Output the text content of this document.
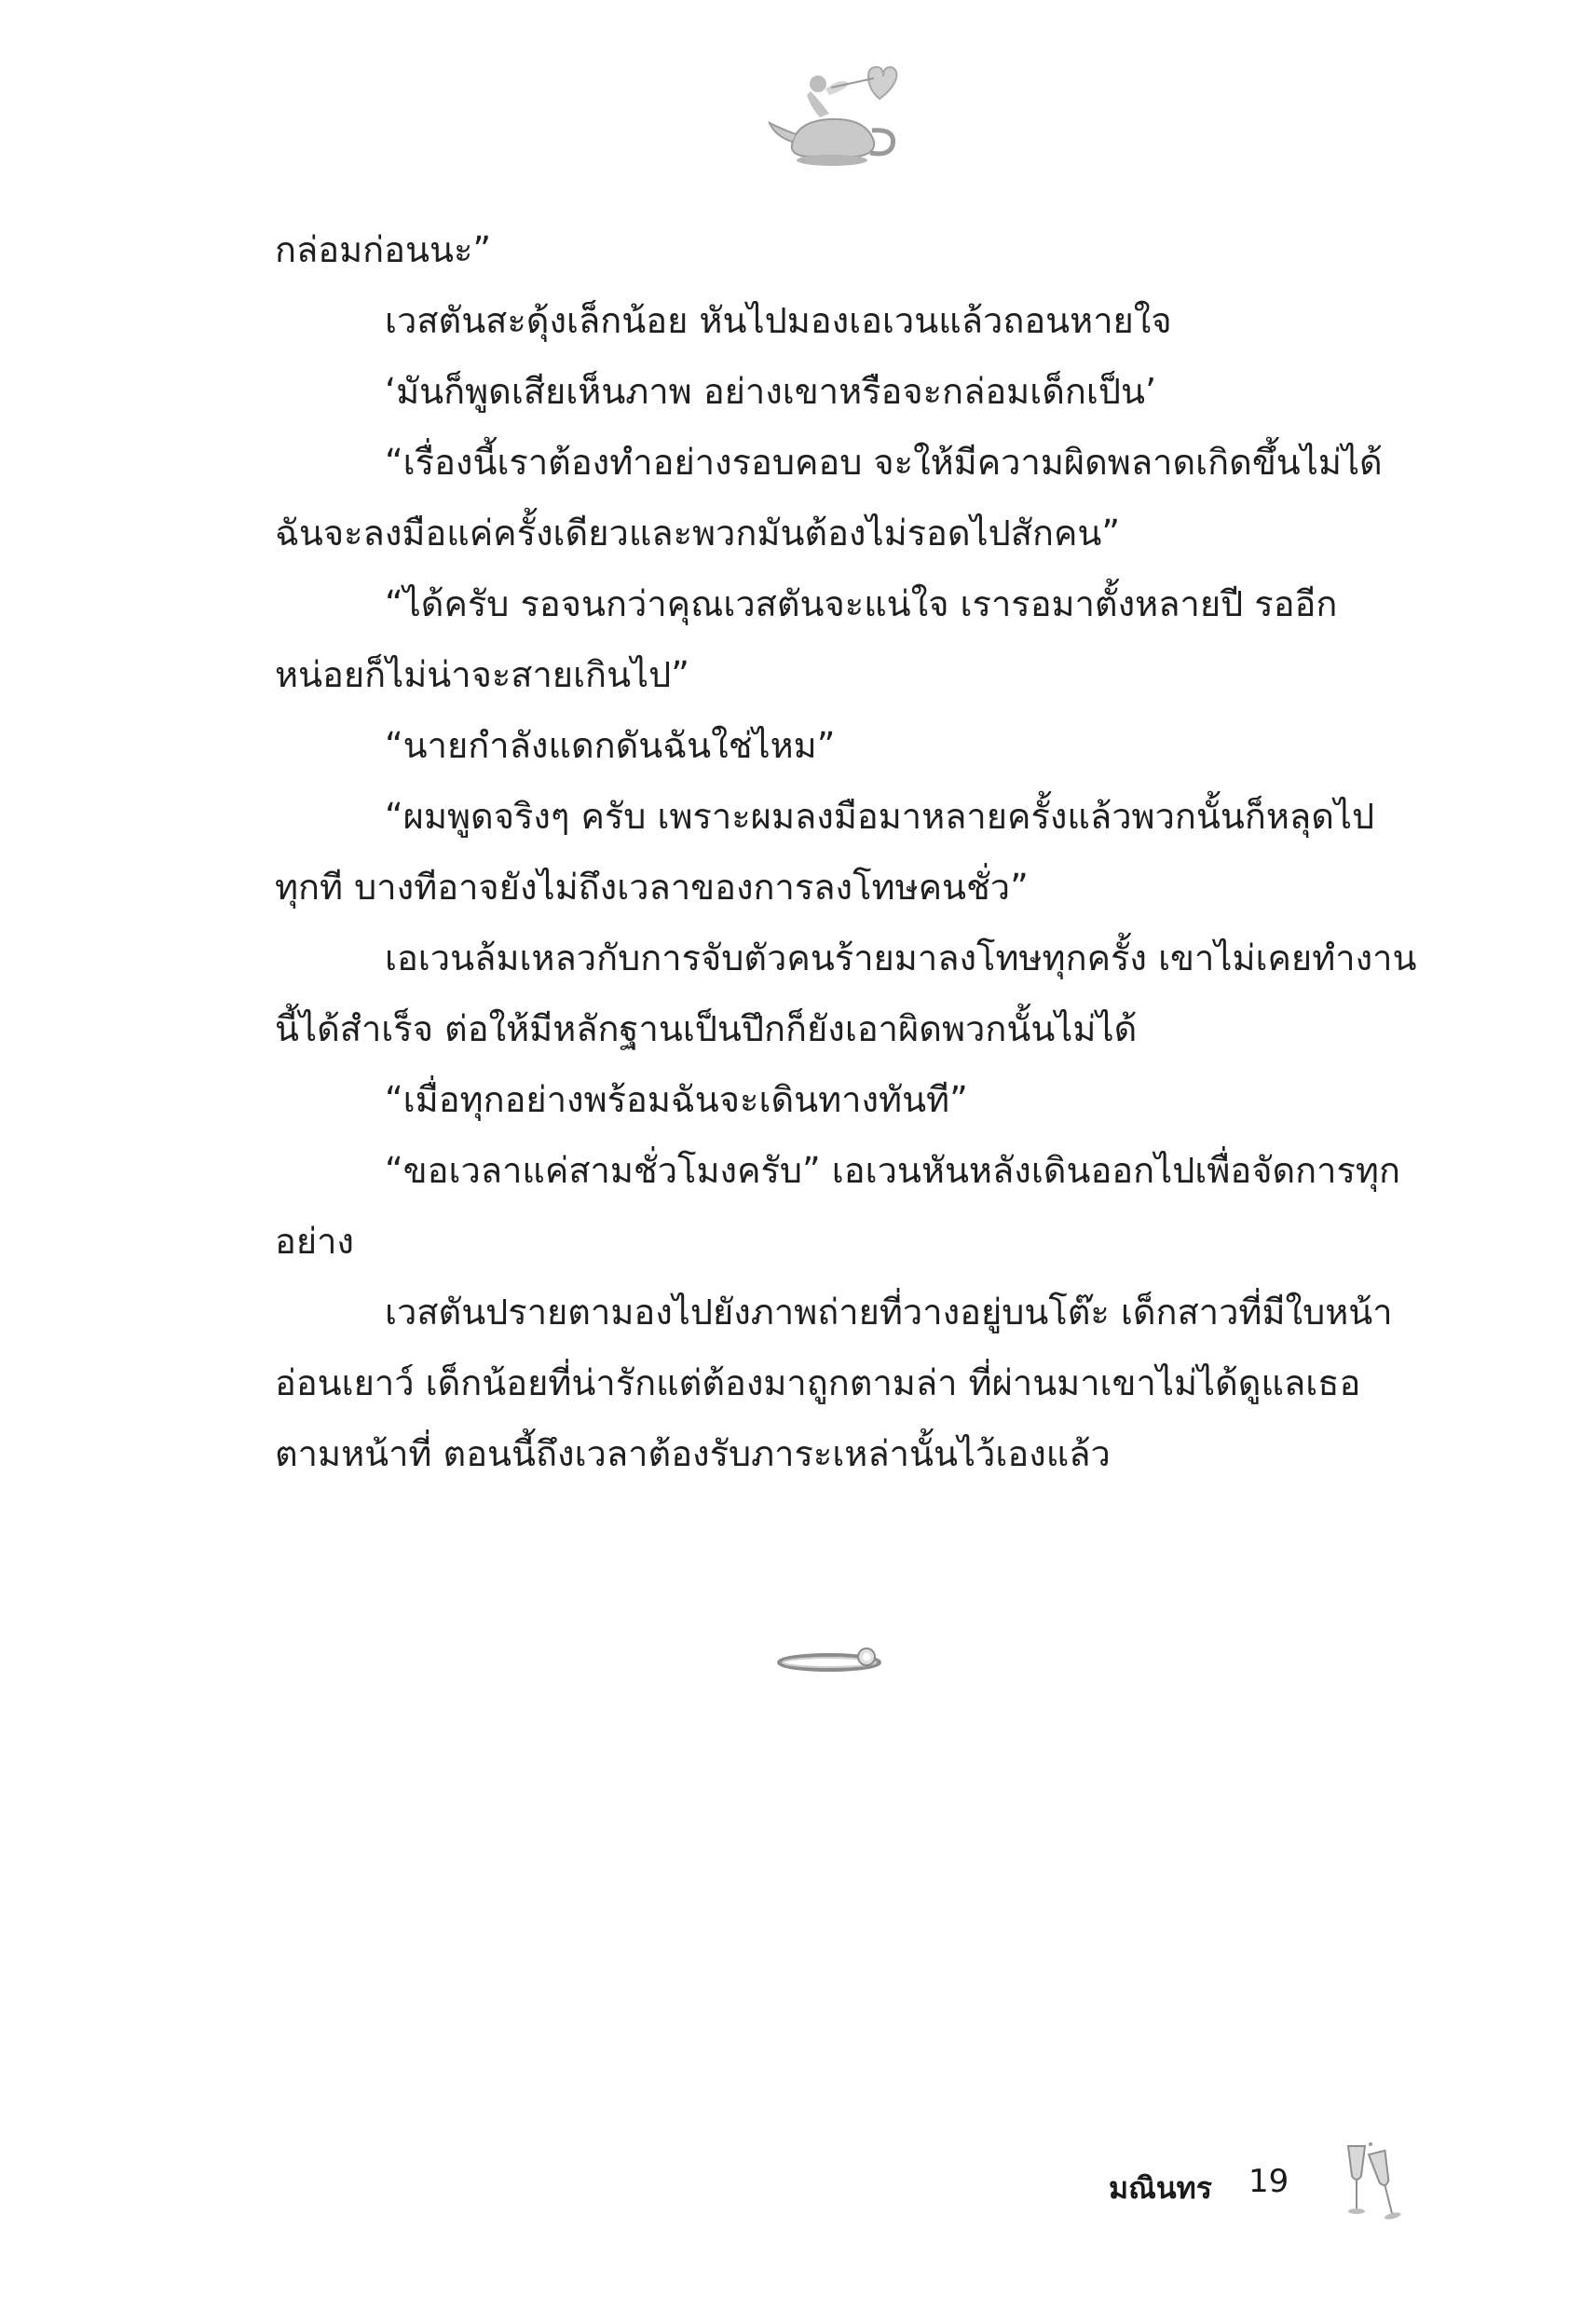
กล่อมก่อนนะ”

เวสตันสะดุ้งเล็กน้อย หันไปมองเอเวนแล้วถอนหายใจ

‘มันก็พูดเสียเห็นภาพ อย่างเขาหรือจะกล่อมเด็กเป็น’

“เรื่องนี้เราต้องทำอย่างรอบคอบ จะให้มีความผิดพลาดเกิดขึ้นไม่ได้ ฉันจะลงมือแค่ครั้งเดียวและพวกมันต้องไม่รอดไปสักคน”

“ได้ครับ รอจนกว่าคุณเวสตันจะแน่ใจ เรารอมาตั้งหลายปี รออีกหน่อยก็ไม่น่าจะสายเกินไป”

“นายกำลังแดกดันฉันใช่ไหม”

“ผมพูดจริงๆ ครับ เพราะผมลงมือมาหลายครั้งแล้วพวกนั้นก็หลุดไปทุกที บางทีอาจยังไม่ถึงเวลาของการลงโทษคนชั่ว”

เอเวนล้มเหลวกับการจับตัวคนร้ายมาลงโทษทุกครั้ง เขาไม่เคยทำงานนี้ได้สำเร็จ ต่อให้มีหลักฐานเป็นปึกก็ยังเอาผิดพวกนั้นไม่ได้

“เมื่อทุกอย่างพร้อมฉันจะเดินทางทันที”

“ขอเวลาแค่สามชั่วโมงครับ” เอเวนหันหลังเดินออกไปเพื่อจัดการทุกอย่าง

เวสตันปรายตามองไปยังภาพถ่ายที่วางอยู่บนโต๊ะ เด็กสาวที่มีใบหน้าอ่อนเยาว์ เด็กน้อยที่น่ารักแต่ต้องมาถูกตามล่า ที่ผ่านมาเขาไม่ได้ดูแลเธอตามหน้าที่ ตอนนี้ถึงเวลาต้องรับภาระเหล่านั้นไว้เองแล้ว

มณินทร 19
